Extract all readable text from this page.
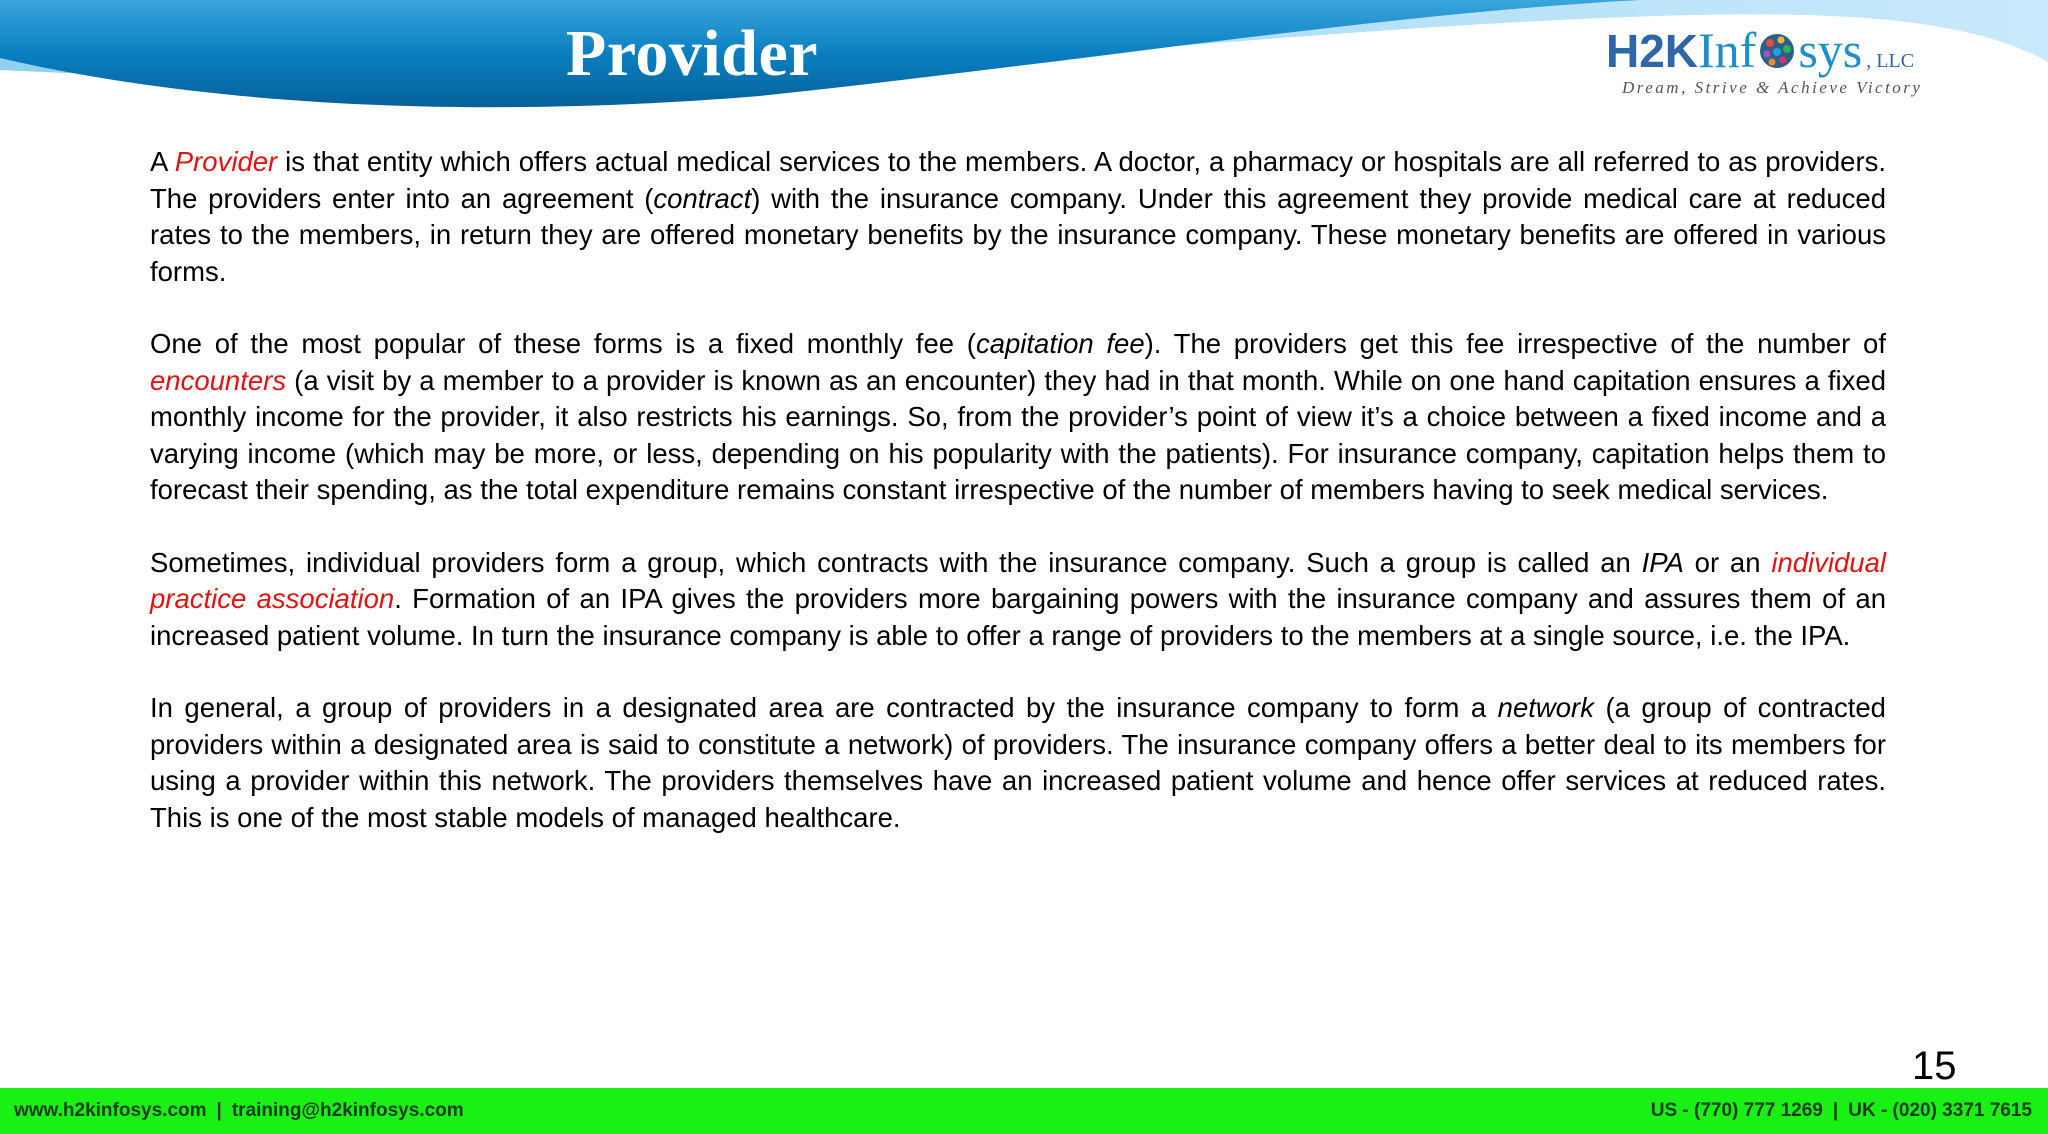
Provider	H2KInf sys , LLC
Dream, Strive & Achieve Victory

A Provider is that entity which offers actual medical services to the members. A doctor, a pharmacy or hospitals are all referred to as providers. The providers enter into an agreement (contract) with the insurance company. Under this agreement they provide medical care at reduced rates to the members, in return they are offered monetary benefits by the insurance company. These monetary benefits are offered in various forms.

One of the most popular of these forms is a fixed monthly fee (capitation fee). The providers get this fee irrespective of the number of encounters (a visit by a member to a provider is known as an encounter) they had in that month. While on one hand capitation ensures a fixed monthly income for the provider, it also restricts his earnings. So, from the provider’s point of view it’s a choice between a fixed income and a varying income (which may be more, or less, depending on his popularity with the patients). For insurance company, capitation helps them to forecast their spending, as the total expenditure remains constant irrespective of the number of members having to seek medical services.

Sometimes, individual providers form a group, which contracts with the insurance company. Such a group is called an IPA or an individual practice association. Formation of an IPA gives the providers more bargaining powers with the insurance company and assures them of an increased patient volume. In turn the insurance company is able to offer a range of providers to the members at a single source, i.e. the IPA.

In general, a group of providers in a designated area are contracted by the insurance company to form a network (a group of contracted providers within a designated area is said to constitute a network) of providers. The insurance company offers a better deal to its members for using a provider within this network. The providers themselves have an increased patient volume and hence offer services at reduced rates. This is one of the most stable models of managed healthcare.

15
www.h2kinfosys.com | training@h2kinfosys.com	US - (770) 777 1269 | UK - (020) 3371 7615
